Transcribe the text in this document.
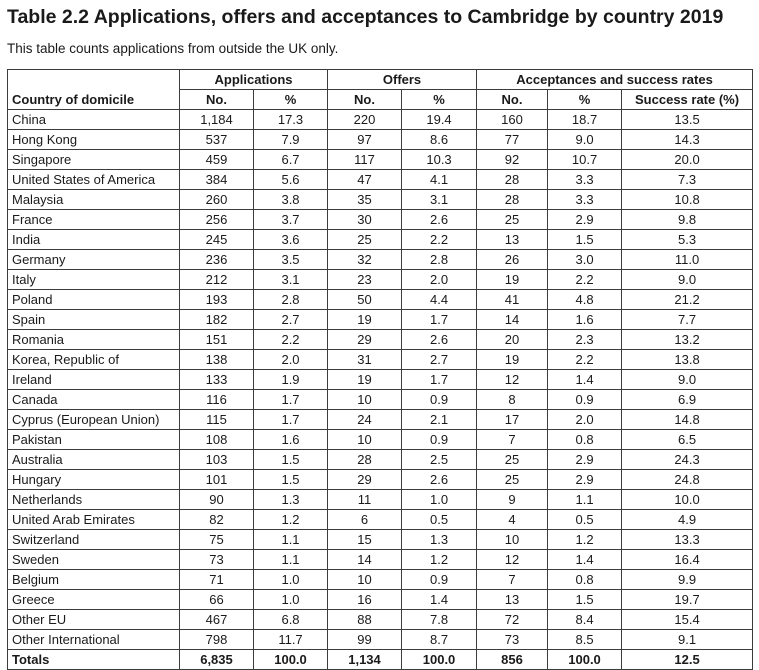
Table 2.2 Applications, offers and acceptances to Cambridge by country 2019
This table counts applications from outside the UK only.
Country of domicile	Applications		Offers		Acceptances and success rates		
	No.	%	No.	%	No.	%	Success rate (%)
China	1,184	17.3	220	19.4	160	18.7	13.5
Hong Kong	537	7.9	97	8.6	77	9.0	14.3
Singapore	459	6.7	117	10.3	92	10.7	20.0
United States of America	384	5.6	47	4.1	28	3.3	7.3
Malaysia	260	3.8	35	3.1	28	3.3	10.8
France	256	3.7	30	2.6	25	2.9	9.8
India	245	3.6	25	2.2	13	1.5	5.3
Germany	236	3.5	32	2.8	26	3.0	11.0
Italy	212	3.1	23	2.0	19	2.2	9.0
Poland	193	2.8	50	4.4	41	4.8	21.2
Spain	182	2.7	19	1.7	14	1.6	7.7
Romania	151	2.2	29	2.6	20	2.3	13.2
Korea, Republic of	138	2.0	31	2.7	19	2.2	13.8
Ireland	133	1.9	19	1.7	12	1.4	9.0
Canada	116	1.7	10	0.9	8	0.9	6.9
Cyprus (European Union)	115	1.7	24	2.1	17	2.0	14.8
Pakistan	108	1.6	10	0.9	7	0.8	6.5
Australia	103	1.5	28	2.5	25	2.9	24.3
Hungary	101	1.5	29	2.6	25	2.9	24.8
Netherlands	90	1.3	11	1.0	9	1.1	10.0
United Arab Emirates	82	1.2	6	0.5	4	0.5	4.9
Switzerland	75	1.1	15	1.3	10	1.2	13.3
Sweden	73	1.1	14	1.2	12	1.4	16.4
Belgium	71	1.0	10	0.9	7	0.8	9.9
Greece	66	1.0	16	1.4	13	1.5	19.7
Other EU	467	6.8	88	7.8	72	8.4	15.4
Other International	798	11.7	99	8.7	73	8.5	9.1
Totals	6,835	100.0	1,134	100.0	856	100.0	12.5
